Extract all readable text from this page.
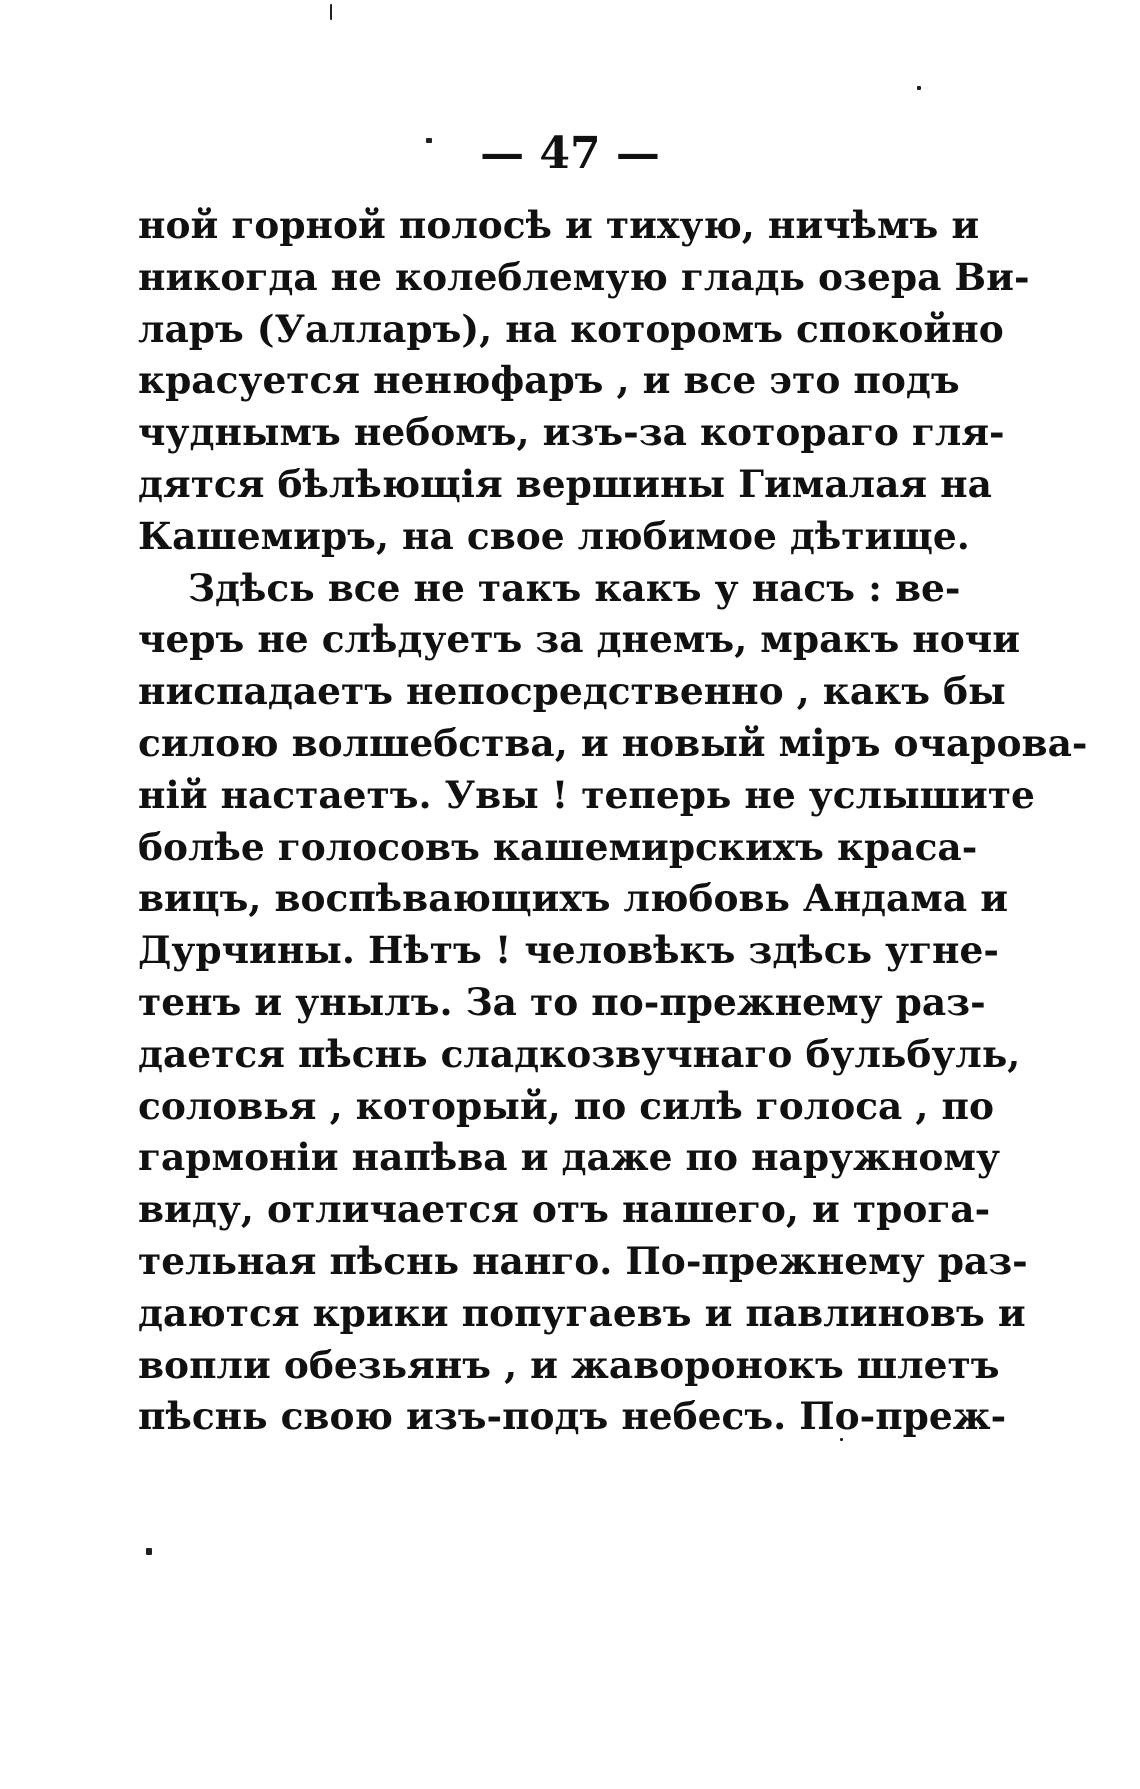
— 47 —
ной горной полосѣ и тихую, ничѣмъ и
никогда не колеблемую гладь озера Ви-
ларъ (Уалларъ), на которомъ спокойно
красуется ненюфаръ , и все это подъ
чуднымъ небомъ, изъ-за котораго гля-
дятся бѣлѣющія вершины Гималая на
Кашемиръ, на свое любимое дѣтище.
Здѣсь все не такъ какъ у насъ : ве-
черъ не слѣдуетъ за днемъ, мракъ ночи
ниспадаетъ непосредственно , какъ бы
силою волшебства, и новый міръ очарова-
ній настаетъ. Увы ! теперь не услышите
болѣе голосовъ кашемирскихъ краса-
вицъ, воспѣвающихъ любовь Андама и
Дурчины. Нѣтъ ! человѣкъ здѣсь угне-
тенъ и унылъ. За то по-прежнему раз-
дается пѣснь сладкозвучнаго бульбуль,
соловья , который, по силѣ голоса , по
гармоніи напѣва и даже по наружному
виду, отличается отъ нашего, и трога-
тельная пѣснь нанго. По-прежнему раз-
даются крики попугаевъ и павлиновъ и
вопли обезьянъ , и жаворонокъ шлетъ
пѣснь свою изъ-подъ небесъ. По-преж-
